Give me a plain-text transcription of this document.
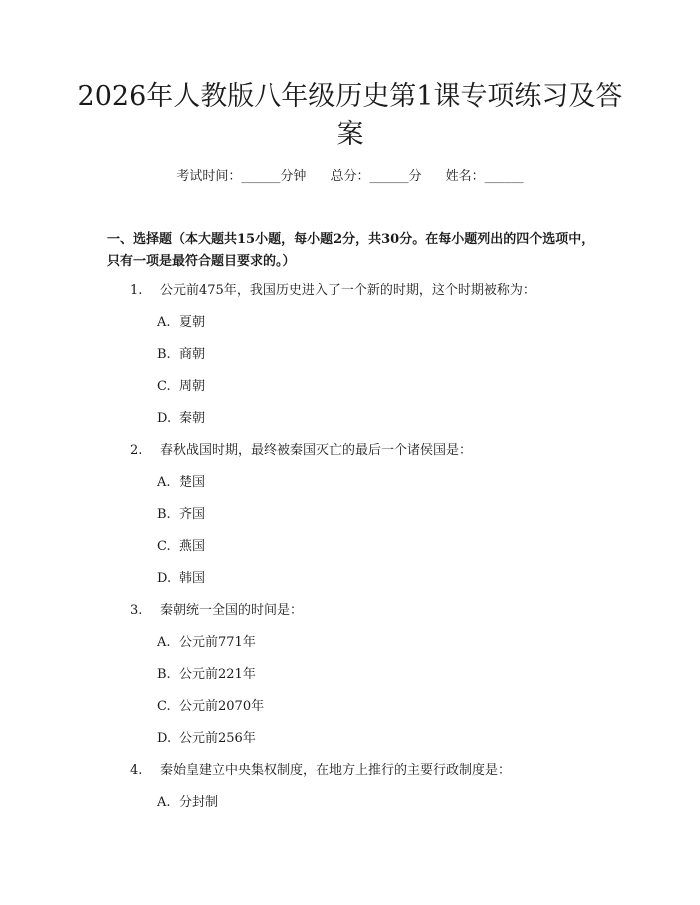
2026年人教版八年级历史第1课专项练习及答案
考试时间：______分钟 总分：______分 姓名：______

一、选择题（本大题共15小题，每小题2分，共30分。在每小题列出的四个选项中，只有一项是最符合题目要求的。）

1. 公元前475年，我国历史进入了一个新的时期，这个时期被称为：
A. 夏朝
B. 商朝
C. 周朝
D. 秦朝
2. 春秋战国时期，最终被秦国灭亡的最后一个诸侯国是：
A. 楚国
B. 齐国
C. 燕国
D. 韩国
3. 秦朝统一全国的时间是：
A. 公元前771年
B. 公元前221年
C. 公元前2070年
D. 公元前256年
4. 秦始皇建立中央集权制度，在地方上推行的主要行政制度是：
A. 分封制
